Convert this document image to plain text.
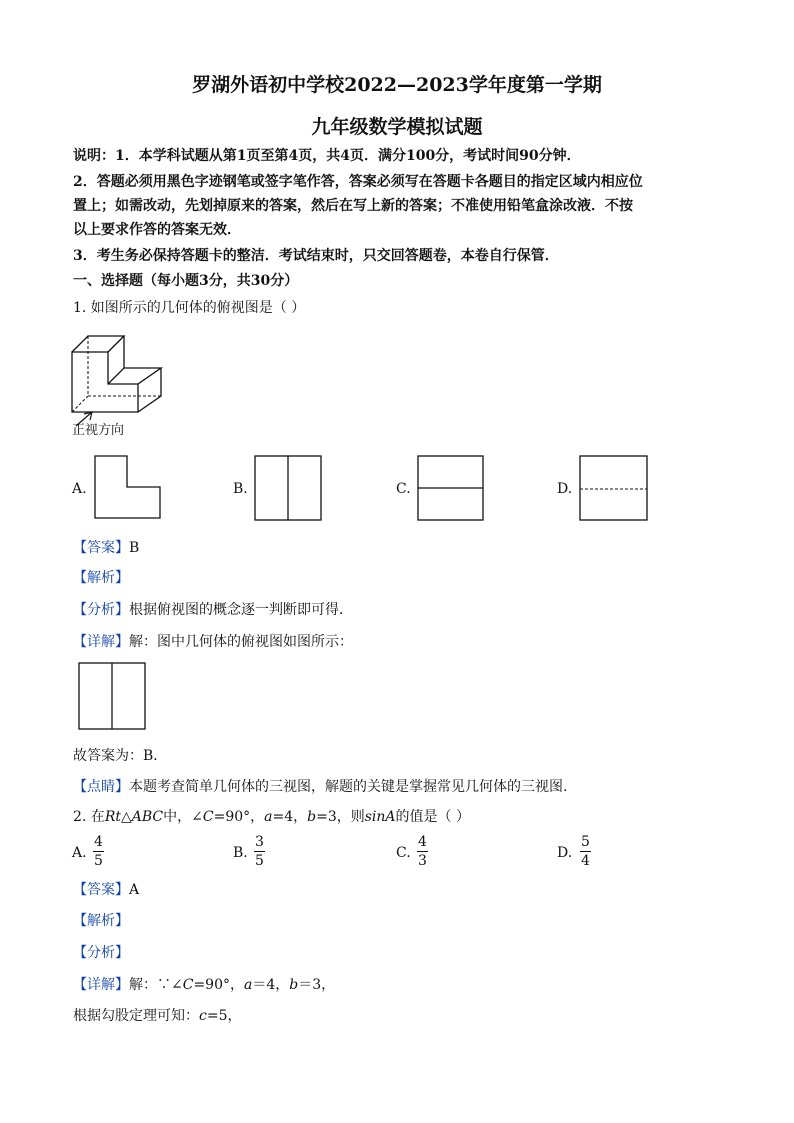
罗湖外语初中学校2022—2023学年度第一学期
九年级数学模拟试题
说明：1．本学科试题从第1页至第4页，共4页．满分100分，考试时间90分钟．
2．答题必须用黑色字迹钢笔或签字笔作答，答案必须写在答题卡各题目的指定区域内相应位
置上；如需改动，先划掉原来的答案，然后在写上新的答案；不准使用铅笔盒涂改液．不按
以上要求作答的答案无效．
3．考生务必保持答题卡的整洁．考试结束时，只交回答题卷，本卷自行保管．
一、选择题（每小题3分，共30分）
1. 如图所示的几何体的俯视图是（ ）
正视方向
A.	B.	C.	D.
【答案】B
【解析】
【分析】根据俯视图的概念逐一判断即可得．
【详解】解：图中几何体的俯视图如图所示：
故答案为：B．
【点睛】本题考查简单几何体的三视图，解题的关键是掌握常见几何体的三视图.
2. 在Rt△ABC中，∠C=90°，a=4，b=3，则sinA的值是（ ）
A.
4
5	B.
3
5	C.
4
3	D.
5
4
【答案】A
【解析】
【分析】
【详解】解：∵∠C=90°，a＝4，b＝3，
根据勾股定理可知：c=5，
